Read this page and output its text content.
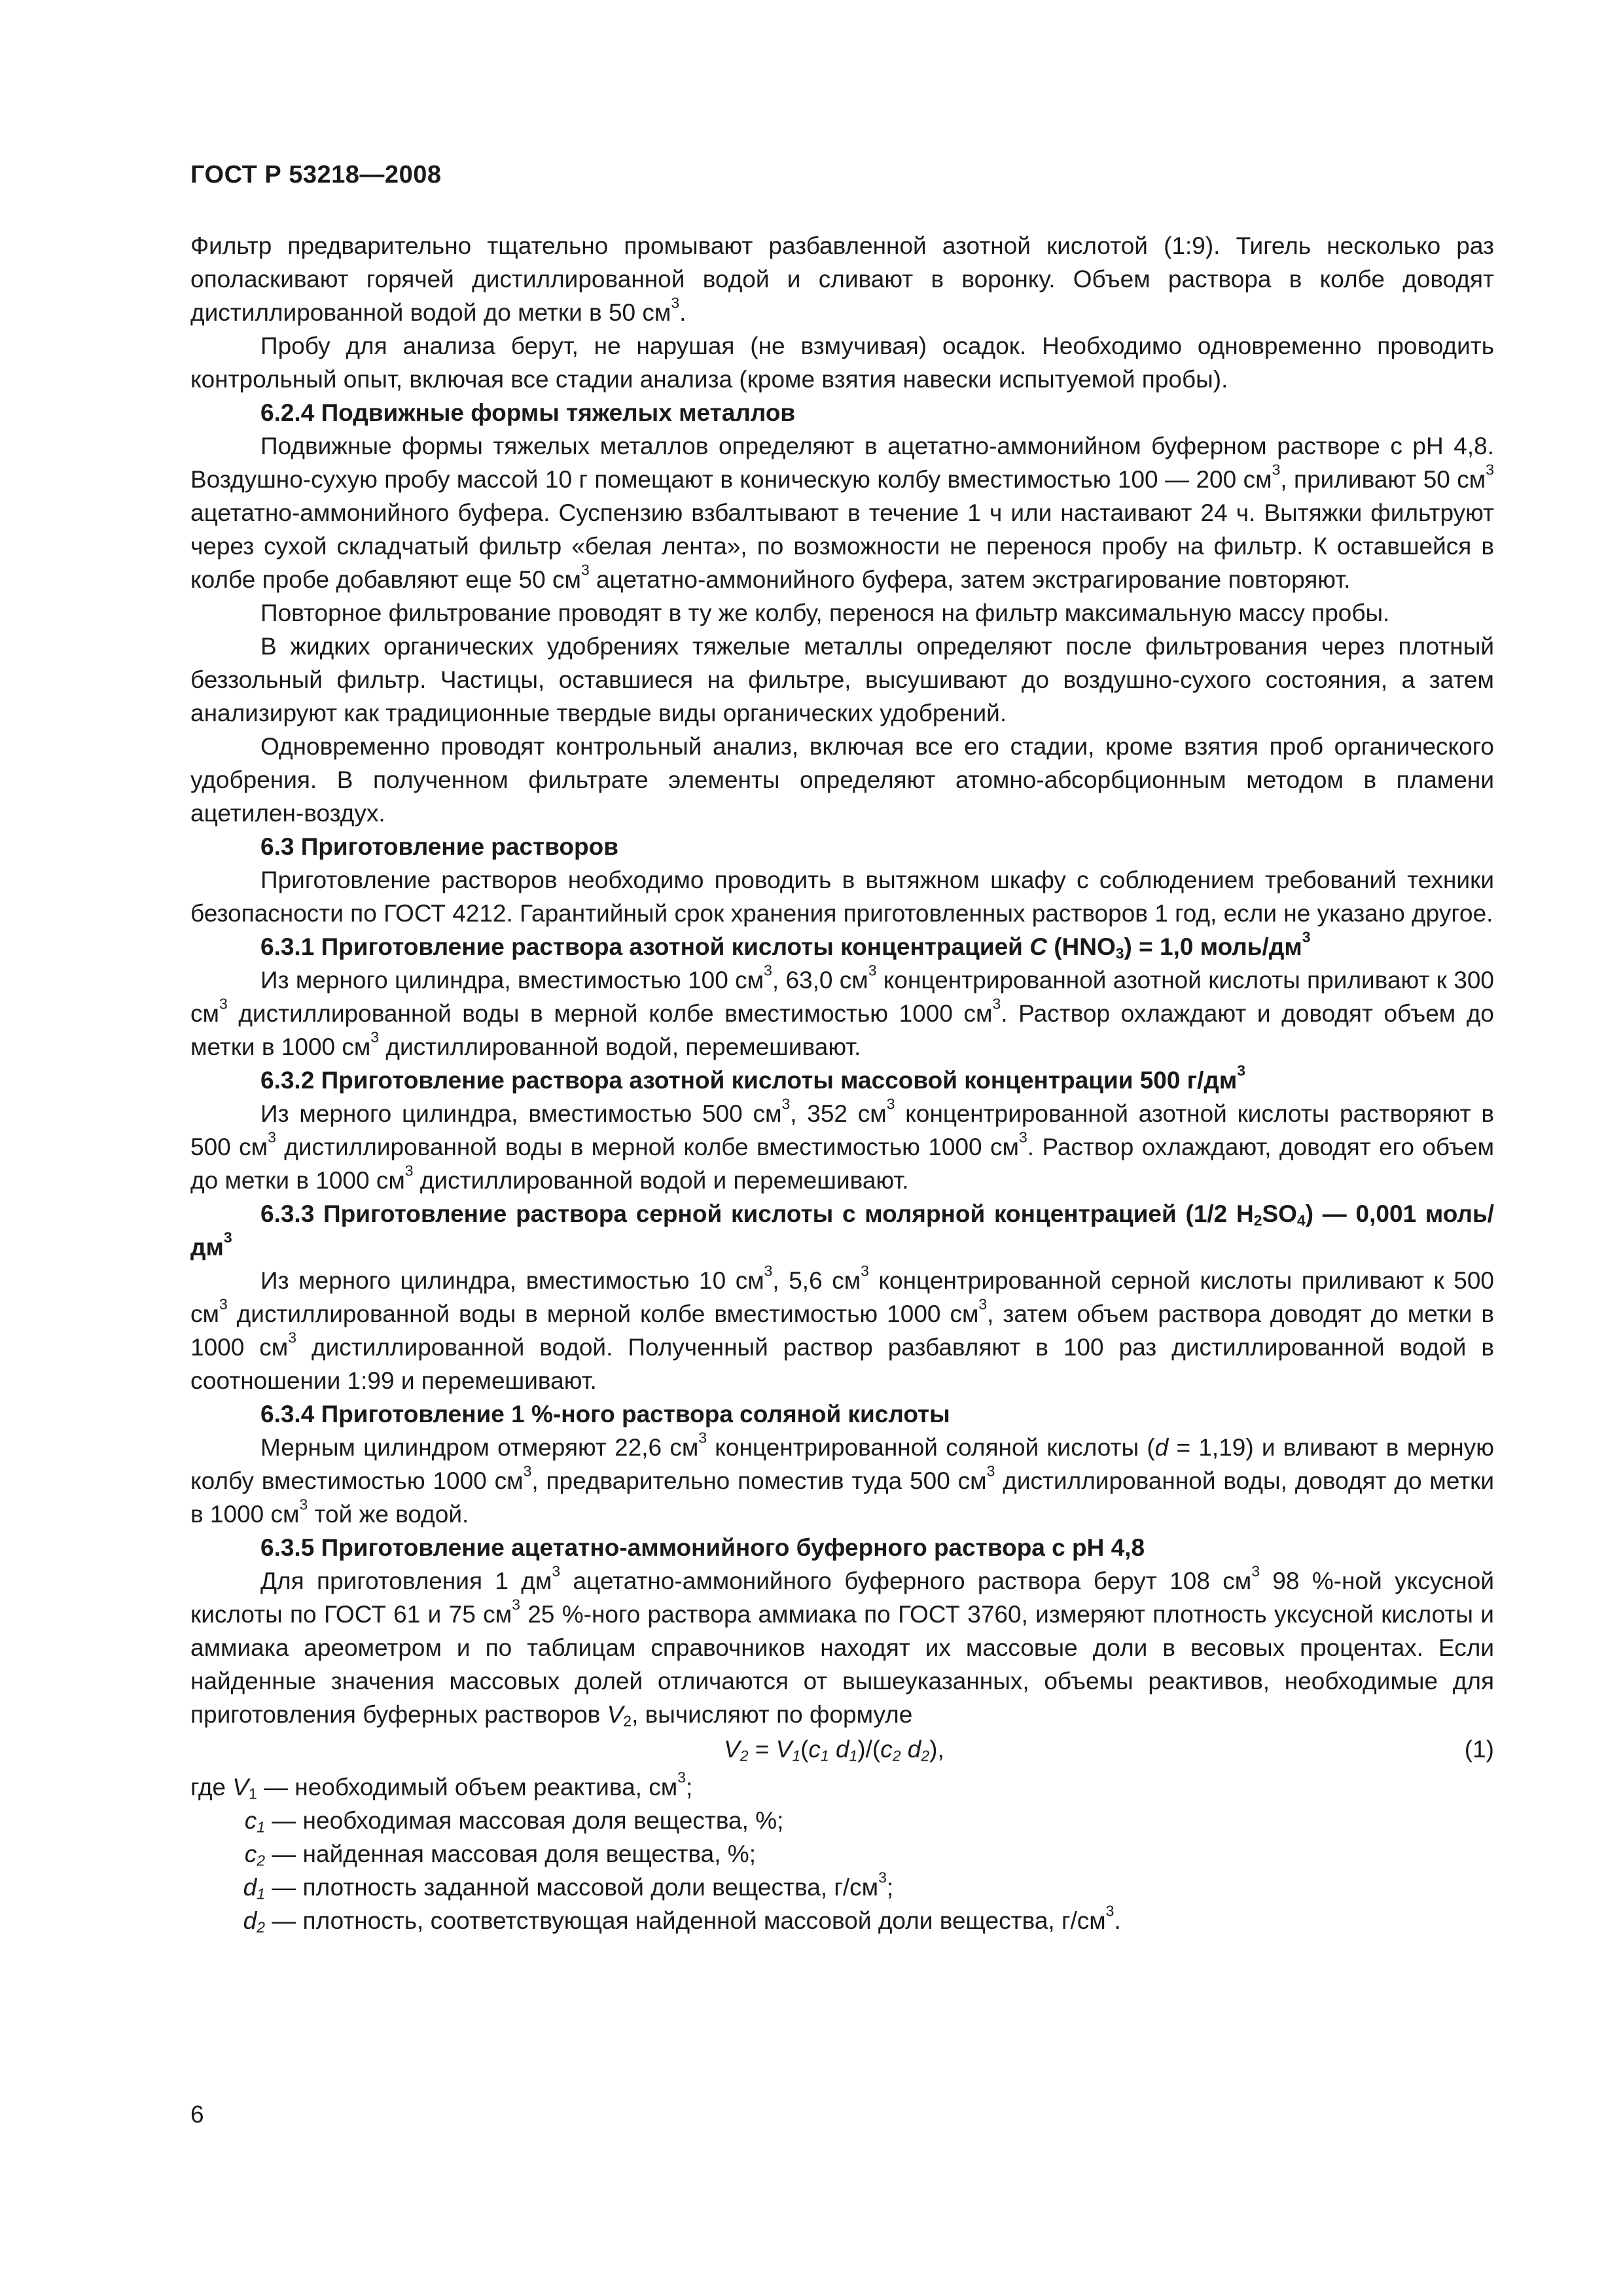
ГОСТ Р 53218—2008

Фильтр предварительно тщательно промывают разбавленной азотной кислотой (1:9). Тигель несколько раз ополаскивают горячей дистиллированной водой и сливают в воронку. Объем раствора в колбе доводят дистиллированной водой до метки в 50 $см^3$.

Пробу для анализа берут, не нарушая (не взмучивая) осадок. Необходимо одновременно проводить контрольный опыт, включая все стадии анализа (кроме взятия навески испытуемой пробы).

6.2.4 Подвижные формы тяжелых металлов

Подвижные формы тяжелых металлов определяют в ацетатно-аммонийном буферном растворе с pH 4,8. Воздушно-сухую пробу массой 10 г помещают в коническую колбу вместимостью 100 — 200 $см^3$, приливают 50 $см^3$ ацетатно-аммонийного буфера. Суспензию взбалтывают в течение 1 ч или настаивают 24 ч. Вытяжки фильтруют через сухой складчатый фильтр «белая лента», по возможности не перенося пробу на фильтр. К оставшейся в колбе пробе добавляют еще 50 $см^3$ ацетатно-аммонийного буфера, затем экстрагирование повторяют.

Повторное фильтрование проводят в ту же колбу, перенося на фильтр максимальную массу пробы.

В жидких органических удобрениях тяжелые металлы определяют после фильтрования через плотный беззольный фильтр. Частицы, оставшиеся на фильтре, высушивают до воздушно-сухого состояния, а затем анализируют как традиционные твердые виды органических удобрений.

Одновременно проводят контрольный анализ, включая все его стадии, кроме взятия проб органического удобрения. В полученном фильтрате элементы определяют атомно-абсорбционным методом в пламени ацетилен-воздух.

6.3 Приготовление растворов

Приготовление растворов необходимо проводить в вытяжном шкафу с соблюдением требований техники безопасности по ГОСТ 4212. Гарантийный срок хранения приготовленных растворов 1 год, если не указано другое.

6.3.1 Приготовление раствора азотной кислоты концентрацией C $(HNO_3) = 1,0$ моль/$дм^3$

Из мерного цилиндра, вместимостью 100 $см^3$, 63,0 $см^3$ концентрированной азотной кислоты приливают к 300 $см^3$ дистиллированной воды в мерной колбе вместимостью 1000 $см^3$. Раствор охлаждают и доводят объем до метки в 1000 $см^3$ дистиллированной водой, перемешивают.

6.3.2 Приготовление раствора азотной кислоты массовой концентрации 500 $г/дм^3$

Из мерного цилиндра, вместимостью 500 $см^3$, 352 $см^3$ концентрированной азотной кислоты растворяют в 500 $см^3$ дистиллированной воды в мерной колбе вместимостью 1000 $см^3$. Раствор охлаждают, доводят его объем до метки в 1000 $см^3$ дистиллированной водой и перемешивают.

6.3.3 Приготовление раствора серной кислоты с молярной концентрацией (1/2 $H_2SO_4$) — 0,001 моль/$дм^3$

Из мерного цилиндра, вместимостью 10 $см^3$, 5,6 $см^3$ концентрированной серной кислоты приливают к 500 $см^3$ дистиллированной воды в мерной колбе вместимостью 1000 $см^3$, затем объем раствора доводят до метки в 1000 $см^3$ дистиллированной водой. Полученный раствор разбавляют в 100 раз дистиллированной водой в соотношении 1:99 и перемешивают.

6.3.4 Приготовление 1 %-ного раствора соляной кислоты

Мерным цилиндром отмеряют 22,6 $см^3$ концентрированной соляной кислоты (d = 1,19) и вливают в мерную колбу вместимостью 1000 $см^3$, предварительно поместив туда 500 $см^3$ дистиллированной воды, доводят до метки в 1000 $см^3$ той же водой.

6.3.5 Приготовление ацетатно-аммонийного буферного раствора с pH 4,8

Для приготовления 1 $дм^3$ ацетатно-аммонийного буферного раствора берут 108 $см^3$ 98 %-ной уксусной кислоты по ГОСТ 61 и 75 $см^3$ 25 %-ного раствора аммиака по ГОСТ 3760, измеряют плотность уксусной кислоты и аммиака ареометром и по таблицам справочников находят их массовые доли в весовых процентах. Если найденные значения массовых долей отличаются от вышеуказанных, объемы реактивов, необходимые для приготовления буферных растворов $V_2$, вычисляют по формуле

$V_2 = V_1(c_1$ $d_1)/(c_2$ $d_2$),	(1)

где $V_1$ — необходимый объем реактива, $см^3$;

$c_1$ — необходимая массовая доля вещества, %;

$c_2$ — найденная массовая доля вещества, %;

$d_1$ — плотность заданной массовой доли вещества, $г/см^3$;

$d_2$ — плотность, соответствующая найденной массовой доли вещества, $г/см^3$.

6
